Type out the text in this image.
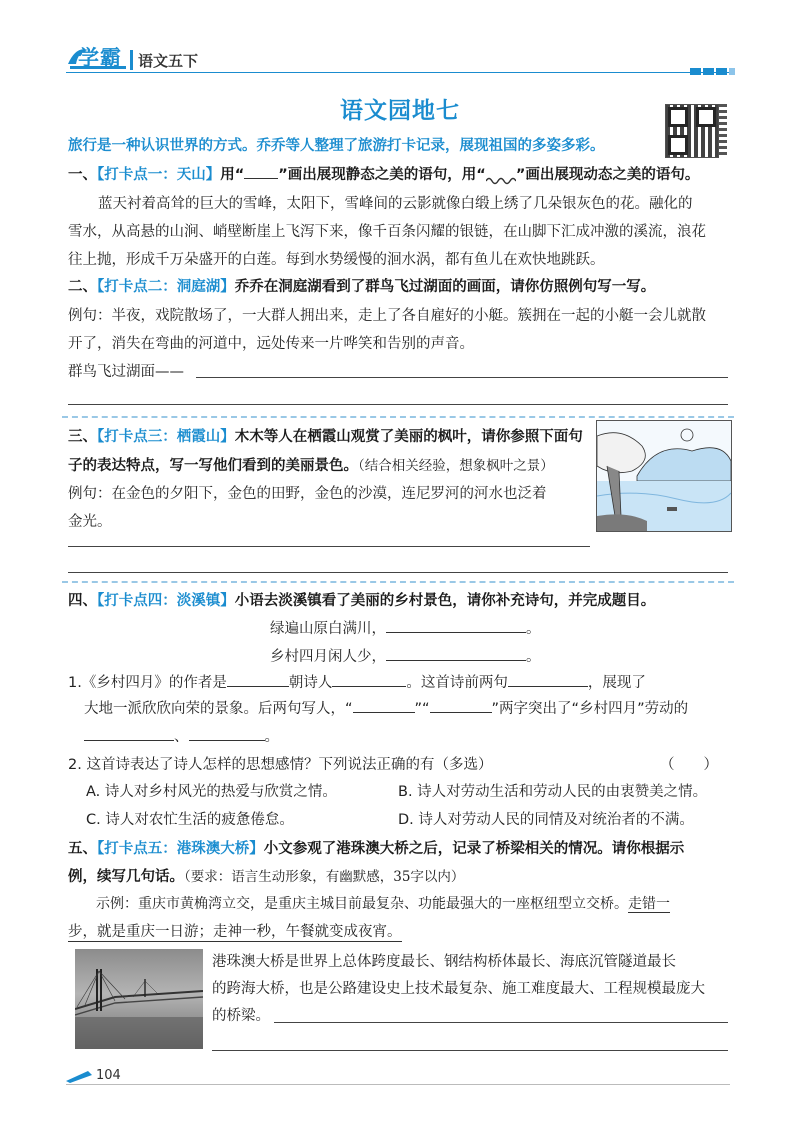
学霸 语文五下
语文园地七
旅行是一种认识世界的方式。乔乔等人整理了旅游打卡记录，展现祖国的多姿多彩。
一、【打卡点一：天山】用“ ”画出展现静态之美的语句，用“ ”画出展现动态之美的语句。
蓝天衬着高耸的巨大的雪峰，太阳下，雪峰间的云影就像白缎上绣了几朵银灰色的花。融化的
雪水，从高悬的山涧、峭壁断崖上飞泻下来，像千百条闪耀的银链，在山脚下汇成冲激的溪流，浪花
往上抛，形成千万朵盛开的白莲。每到水势缓慢的洄水涡，都有鱼儿在欢快地跳跃。
二、【打卡点二：洞庭湖】乔乔在洞庭湖看到了群鸟飞过湖面的画面，请你仿照例句写一写。
例句：半夜，戏院散场了，一大群人拥出来，走上了各自雇好的小艇。簇拥在一起的小艇一会儿就散
开了，消失在弯曲的河道中，远处传来一片哗笑和告别的声音。
群鸟飞过湖面——
三、【打卡点三：栖霞山】木木等人在栖霞山观赏了美丽的枫叶，请你参照下面句
子的表达特点，写一写他们看到的美丽景色。（结合相关经验，想象枫叶之景）
例句：在金色的夕阳下，金色的田野，金色的沙漠，连尼罗河的河水也泛着
金光。
四、【打卡点四：淡溪镇】小语去淡溪镇看了美丽的乡村景色，请你补充诗句，并完成题目。
绿遍山原白满川，	。
乡村四月闲人少，	。
1.《乡村四月》的作者是	朝诗人	。这首诗前两句	，展现了
大地一派欣欣向荣的景象。后两句写人，“	”“	”两字突出了“乡村四月”劳动的
、	。
2. 这首诗表达了诗人怎样的思想感情？下列说法正确的有（多选）	（　　）
A. 诗人对乡村风光的热爱与欣赏之情。	B. 诗人对劳动生活和劳动人民的由衷赞美之情。
C. 诗人对农忙生活的疲惫倦怠。	D. 诗人对劳动人民的同情及对统治者的不满。
五、【打卡点五：港珠澳大桥】小文参观了港珠澳大桥之后，记录了桥梁相关的情况。请你根据示
例，续写几句话。（要求：语言生动形象，有幽默感，35字以内）
示例：重庆市黄桷湾立交，是重庆主城目前最复杂、功能最强大的一座枢纽型立交桥。走错一
步，就是重庆一日游；走神一秒，午餐就变成夜宵。
港珠澳大桥是世界上总体跨度最长、钢结构桥体最长、海底沉管隧道最长
的跨海大桥，也是公路建设史上技术最复杂、施工难度最大、工程规模最庞大
的桥梁。
104
